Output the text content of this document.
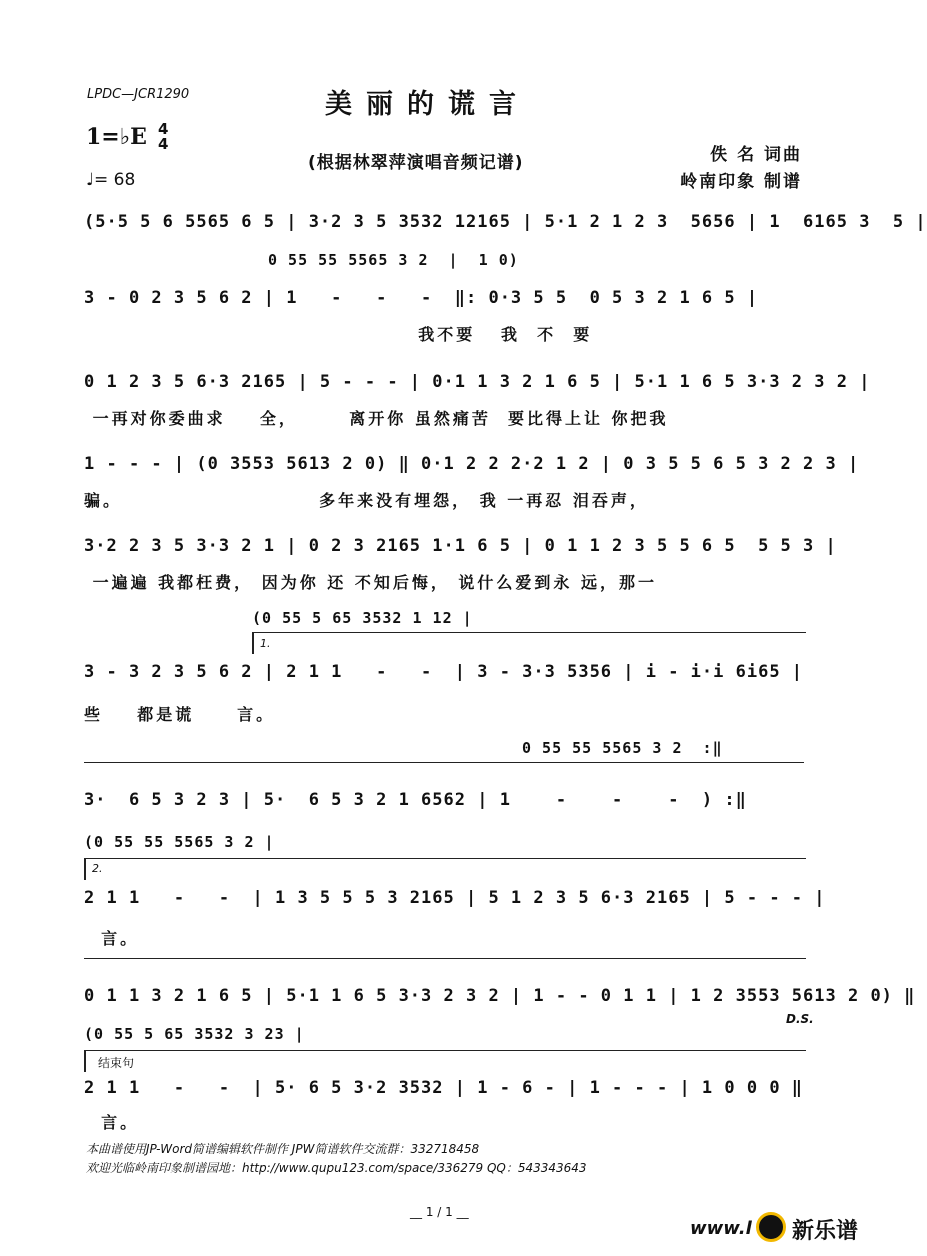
LPDC—JCR1290	美丽的谎言
1=♭E 4
4
♩= 68
(根据林翠萍演唱音频记谱)	佚 名 词曲
岭南印象 制谱
(5·5 5 6 5565 6 5 | 3·2 3 5 3532 12165 | 5·1 2 1 2 3  5656 | 1  6165 3  5 |
0 55 55 5565 3 2  |  1 0)
3 - 0 2 3 5 6 2 | 1   -   -   -  ‖: 0·3 5 5  0 5 3 2 1 6 5 |
我不要   我  不  要
0 1 2 3 5 6·3 2165 | 5 - - - | 0·1 1 3 2 1 6 5 | 5·1 1 6 5 3·3 2 3 2 |
一再对你委曲求    全，      离开你 虽然痛苦  要比得上让 你把我
1 - - - | (0 3553 5613 2 0) ‖ 0·1 2 2 2·2 1 2 | 0 3 5 5 6 5 3 2 2 3 |
骗。                       多年来没有埋怨， 我 一再忍 泪吞声，
3·2 2 3 5 3·3 2 1 | 0 2 3 2165 1·1 6 5 | 0 1 1 2 3 5 5 6 5  5 5 3 |
一遍遍 我都枉费， 因为你 还 不知后悔， 说什么爱到永 远，那一
(0 55 5 65 3532 1 12 |
1.
3 - 3 2 3 5 6 2 | 2 1 1   -   -  | 3 - 3·3 5356 | i - i·i 6i65 |
些    都是谎     言。
0 55 55 5565 3 2  :‖
3·  6 5 3 2 3 | 5·  6 5 3 2 1 6562 | 1    -    -    -  ) :‖
(0 55 55 5565 3 2 |
2.
2 1 1   -   -  | 1 3 5 5 5 3 2165 | 5 1 2 3 5 6·3 2165 | 5 - - - |
言。
0 1 1 3 2 1 6 5 | 5·1 1 6 5 3·3 2 3 2 | 1 - - 0 1 1 | 1 2 3553 5613 2 0) ‖
D.S.
(0 55 5 65 3532 3 23 |
结束句
2 1 1   -   -  | 5· 6 5 3·2 3532 | 1 - 6 - | 1 - - - | 1 0 0 0 ‖
言。
本曲谱使用JP-Word简谱编辑软件制作 JPW简谱软件交流群：332718458
欢迎光临岭南印象制谱园地：http://www.qupu123.com/space/336279 QQ：543343643
__ 1 / 1 __
www.l 新乐谱
